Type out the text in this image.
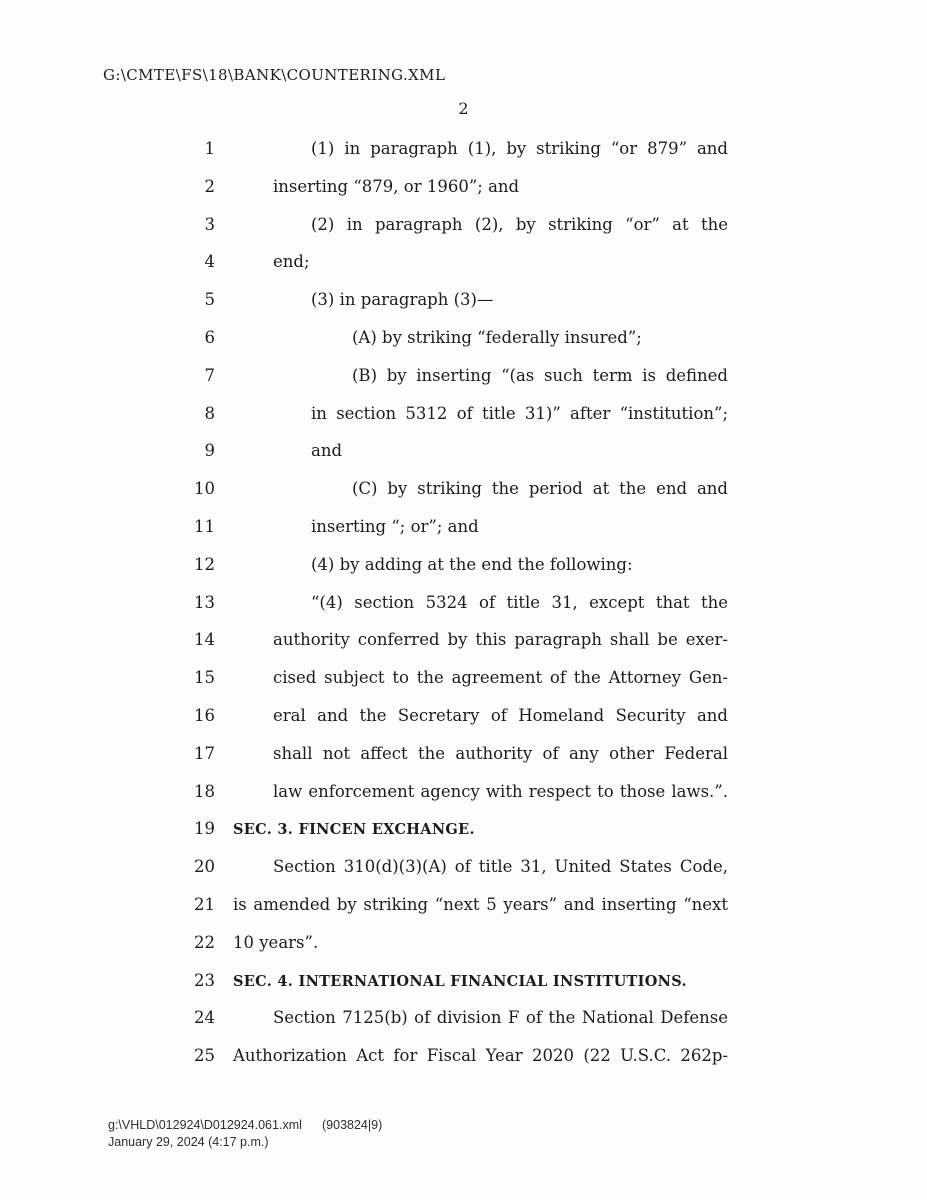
G:\CMTE\FS\18\BANK\COUNTERING.XML
2
1	(1) in paragraph (1), by striking “or 879” and
2	inserting “879, or 1960”; and
3	(2) in paragraph (2), by striking “or” at the
4	end;
5	(3) in paragraph (3)—
6	(A) by striking “federally insured”;
7	(B) by inserting “(as such term is defined
8	in section 5312 of title 31)” after “institution”;
9	and
10	(C) by striking the period at the end and
11	inserting “; or”; and
12	(4) by adding at the end the following:
13	“(4) section 5324 of title 31, except that the
14	authority conferred by this paragraph shall be exer-
15	cised subject to the agreement of the Attorney Gen-
16	eral and the Secretary of Homeland Security and
17	shall not affect the authority of any other Federal
18	law enforcement agency with respect to those laws.”.
19 SEC. 3. FINCEN EXCHANGE.
20	Section 310(d)(3)(A) of title 31, United States Code,
21 is amended by striking “next 5 years” and inserting “next
22 10 years”.
23 SEC. 4. INTERNATIONAL FINANCIAL INSTITUTIONS.
24	Section 7125(b) of division F of the National Defense
25 Authorization Act for Fiscal Year 2020 (22 U.S.C. 262p-
g:\VHLD\012924\D012924.061.xml (903824|9)
January 29, 2024 (4:17 p.m.)
